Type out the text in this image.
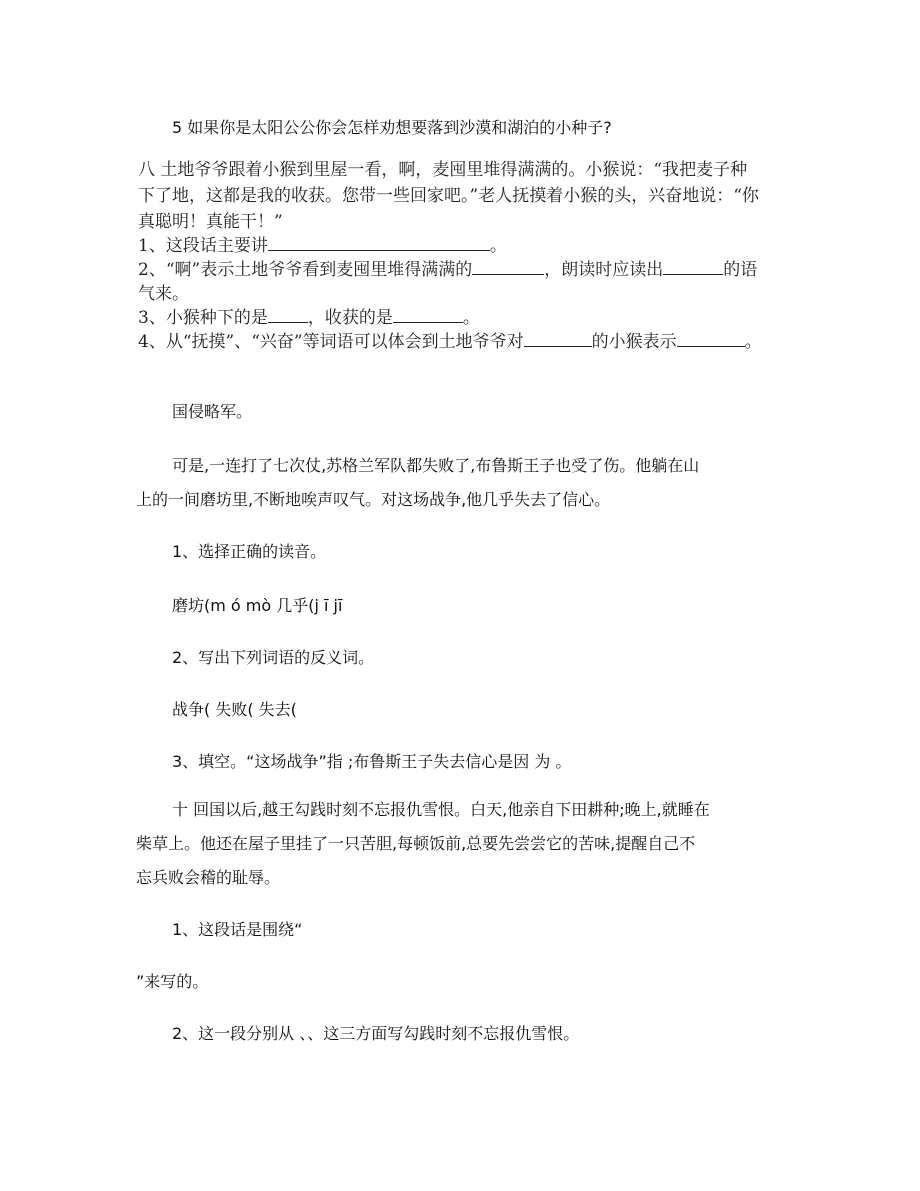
5 如果你是太阳公公你会怎样劝想要落到沙漠和湖泊的小种子?
八 土地爷爷跟着小猴到里屋一看，啊，麦囤里堆得满满的。小猴说：“我把麦子种
下了地，这都是我的收获。您带一些回家吧。”老人抚摸着小猴的头，兴奋地说：“你
真聪明！真能干！”
1、这段话主要讲	。
2、“啊”表示土地爷爷看到麦囤里堆得满满的	，朗读时应读出	的语
气来。
3、小猴种下的是 ，收获的是	。
4、从“抚摸”、“兴奋”等词语可以体会到土地爷爷对	的小猴表示	。
国侵略军。
可是,一连打了七次仗,苏格兰军队都失败了,布鲁斯王子也受了伤。他躺在山
上的一间磨坊里,不断地唉声叹气。对这场战争,他几乎失去了信心。
1、选择正确的读音。
磨坊(m ó mò 几乎(j ī jī
2、写出下列词语的反义词。
战争( 失败( 失去(
3、填空。“这场战争”指 ;布鲁斯王子失去信心是因 为 。
十 回国以后,越王勾践时刻不忘报仇雪恨。白天,他亲自下田耕种;晚上,就睡在
柴草上。他还在屋子里挂了一只苦胆,每顿饭前,总要先尝尝它的苦味,提醒自己不
忘兵败会稽的耻辱。
1、这段话是围绕“
”来写的。
2、这一段分别从 、、这三方面写勾践时刻不忘报仇雪恨。
